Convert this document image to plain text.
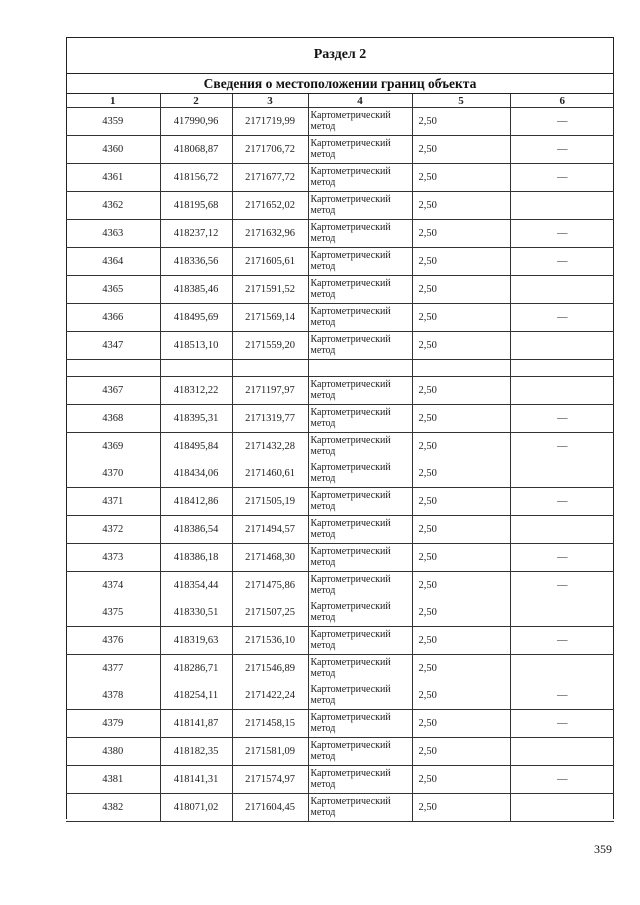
Раздел 2
Сведения о местоположении границ объекта
1	2	3	4	5	6
4359	417990,96	2171719,99	Картометрический метод	2,50	—
4360	418068,87	2171706,72	Картометрический метод	2,50	—
4361	418156,72	2171677,72	Картометрический метод	2,50	—
4362	418195,68	2171652,02	Картометрический метод	2,50	
4363	418237,12	2171632,96	Картометрический метод	2,50	—
4364	418336,56	2171605,61	Картометрический метод	2,50	—
4365	418385,46	2171591,52	Картометрический метод	2,50	
4366	418495,69	2171569,14	Картометрический метод	2,50	—
4347	418513,10	2171559,20	Картометрический метод	2,50	

4367	418312,22	2171197,97	Картометрический метод	2,50	
4368	418395,31	2171319,77	Картометрический метод	2,50	—
4369	418495,84	2171432,28	Картометрический метод	2,50	—
4370	418434,06	2171460,61	Картометрический метод	2,50	
4371	418412,86	2171505,19	Картометрический метод	2,50	—
4372	418386,54	2171494,57	Картометрический метод	2,50	
4373	418386,18	2171468,30	Картометрический метод	2,50	—
4374	418354,44	2171475,86	Картометрический метод	2,50	—
4375	418330,51	2171507,25	Картометрический метод	2,50	
4376	418319,63	2171536,10	Картометрический метод	2,50	—
4377	418286,71	2171546,89	Картометрический метод	2,50	
4378	418254,11	2171422,24	Картометрический метод	2,50	—
4379	418141,87	2171458,15	Картометрический метод	2,50	—
4380	418182,35	2171581,09	Картометрический метод	2,50	
4381	418141,31	2171574,97	Картометрический метод	2,50	—
4382	418071,02	2171604,45	Картометрический метод	2,50	
359
